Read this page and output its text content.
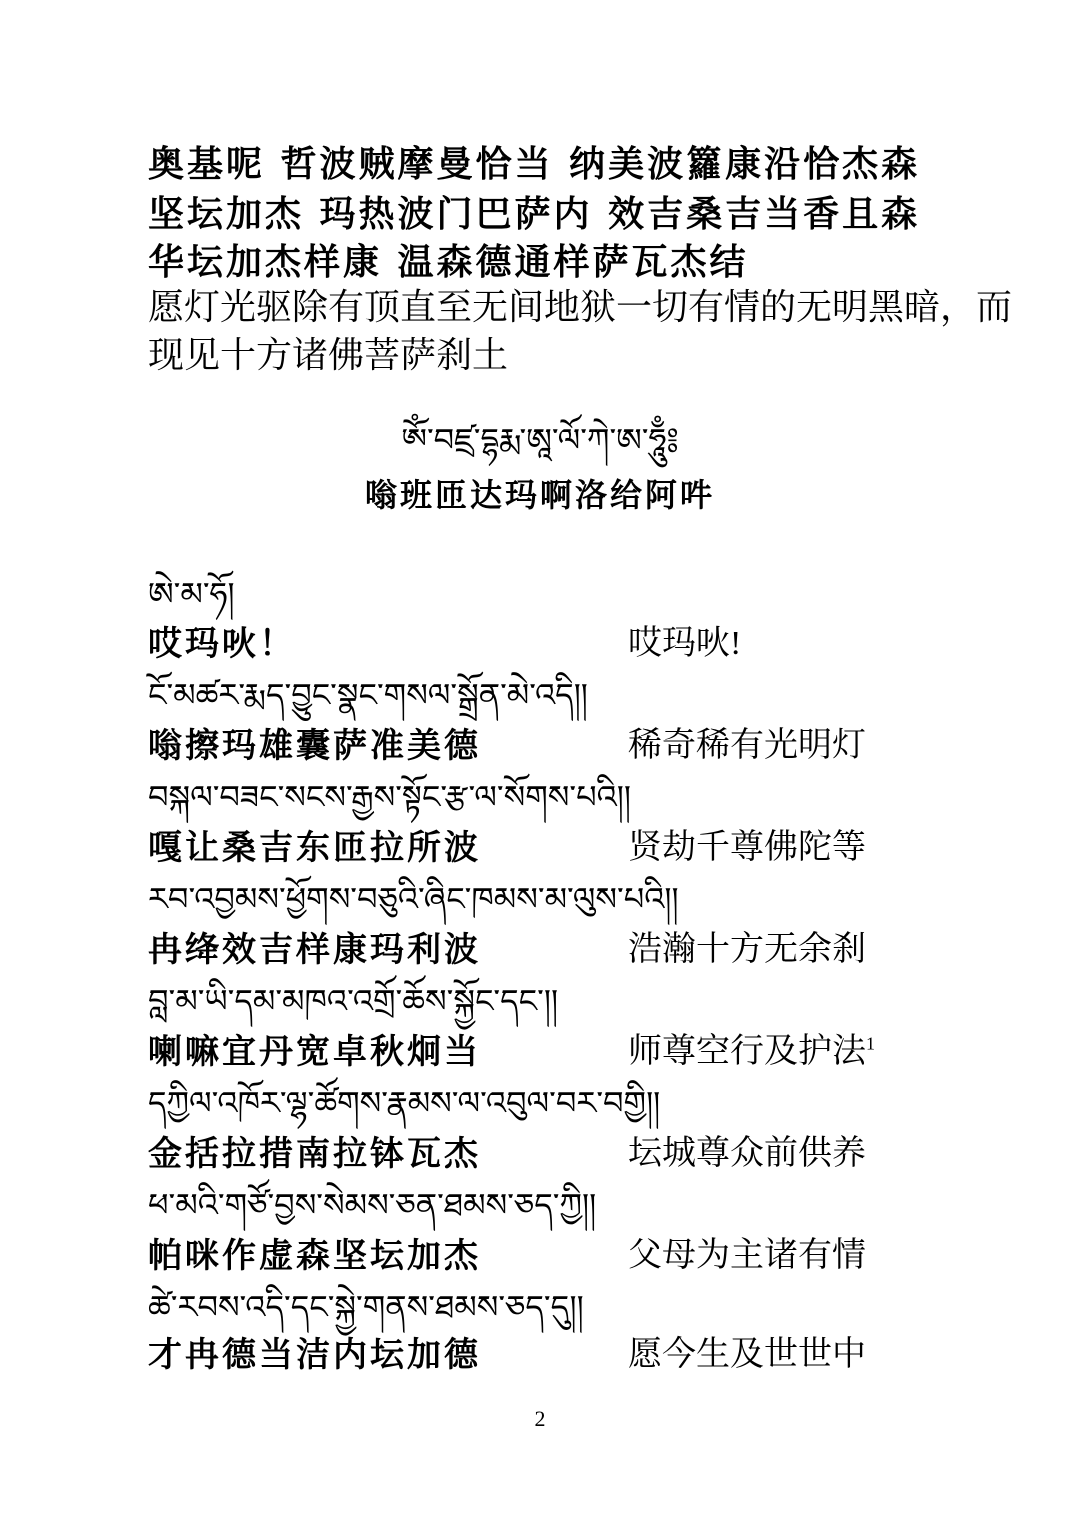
奥基呢 哲波贼摩曼恰当 纳美波籮康沿恰杰森
坚坛加杰 玛热波门巴萨内 效吉桑吉当香且森
华坛加杰样康 温森德通样萨瓦杰结
愿灯光驱除有顶直至无间地狱一切有情的无明黑暗，而
现见十方诸佛菩萨刹土
ཨོཾ་བཛྲ་དྷརྨ་ཨཱ་ལོ་ཀེ་ཨ་ཧཱུྃ༔
嗡班匝达玛啊洛给阿吽
ཨེ་མ་ཧོ།
哎玛吙！	哎玛吙!
ངོ་མཚར་རྨད་བྱུང་སྣང་གསལ་སྒྲོན་མེ་འདི།།
嗡擦玛雄囊萨准美德	稀奇稀有光明灯
བསྐལ་བཟང་སངས་རྒྱས་སྟོང་རྩ་ལ་སོགས་པའི།།
嘎让桑吉东匝拉所波	贤劫千尊佛陀等
རབ་འབྱམས་ཕྱོགས་བཅུའི་ཞིང་ཁམས་མ་ལུས་པའི།།
冉绛效吉样康玛利波	浩瀚十方无余刹
བླ་མ་ཡི་དམ་མཁའ་འགྲོ་ཆོས་སྐྱོང་དང་།།
喇嘛宜丹宽卓秋炯当	师尊空行及护法$^1$
དཀྱིལ་འཁོར་ལྷ་ཚོགས་རྣམས་ལ་འབུལ་བར་བགྱི།།
金括拉措南拉钵瓦杰	坛城尊众前供养
ཕ་མའི་གཙོ་བྱས་སེམས་ཅན་ཐམས་ཅད་ཀྱི།།
帕咪作虚森坚坛加杰	父母为主诸有情
ཚེ་རབས་འདི་དང་སྐྱེ་གནས་ཐམས་ཅད་དུ།།
才冉德当洁内坛加德	愿今生及世世中
2
